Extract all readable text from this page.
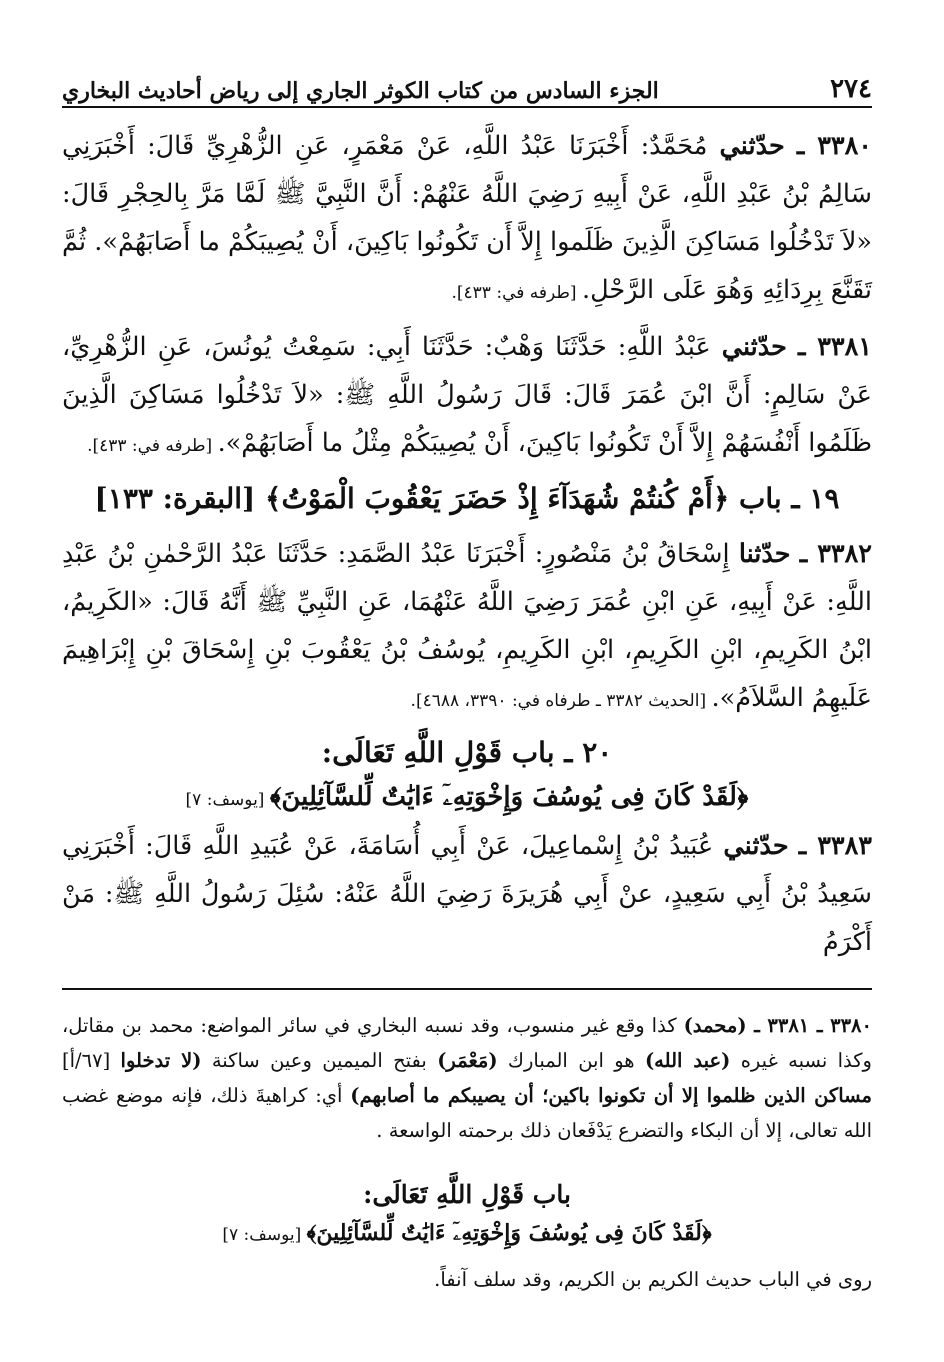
٢٧٤
الجزء السادس من كتاب الكوثر الجاري إلى رياض أحاديث البخاري

٣٣٨٠ ـ حدّثني مُحَمَّدٌ: أَخْبَرَنَا عَبْدُ اللَّهِ، عَنْ مَعْمَرٍ، عَنِ الزُّهْرِيِّ قَالَ: أَخْبَرَنِي سَالِمُ بْنُ عَبْدِ اللَّهِ، عَنْ أَبِيهِ رَضِيَ اللَّهُ عَنْهُمْ: أَنَّ النَّبِيَّ ﷺ لَمَّا مَرَّ بِالحِجْرِ قَالَ: «لاَ تَدْخُلُوا مَسَاكِنَ الَّذِينَ ظَلَموا إِلاَّ أَن تَكُونُوا بَاكِينَ، أَنْ يُصِيبَكُمْ ما أَصَابَهُمْ». ثُمَّ تَقَنَّعَ بِرِدَائِهِ وَهُوَ عَلَى الرَّحْلِ. [طرفه في: ٤٣٣].

٣٣٨١ ـ حدّثني عَبْدُ اللَّهِ: حَدَّثَنَا وَهْبٌ: حَدَّثَنَا أَبِي: سَمِعْتُ يُونُسَ، عَنِ الزُّهْرِيِّ، عَنْ سَالِمٍ: أَنَّ ابْنَ عُمَرَ قَالَ: قَالَ رَسُولُ اللَّهِ ﷺ: «لاَ تَدْخُلُوا مَسَاكِنَ الَّذِينَ ظَلَمُوا أَنْفُسَهُمْ إِلاَّ أَنْ تَكُونُوا بَاكِينَ، أَنْ يُصِيبَكُمْ مِثْلُ ما أَصَابَهُمْ». [طرفه في: ٤٣٣].

١٩ ـ باب ﴿أَمْ كُنتُمْ شُهَدَآءَ إِذْ حَضَرَ يَعْقُوبَ الْمَوْتُ﴾ [البقرة: ١٣٣]

٣٣٨٢ ـ حدّثنا إِسْحَاقُ بْنُ مَنْصُورٍ: أَخْبَرَنَا عَبْدُ الصَّمَدِ: حَدَّثَنَا عَبْدُ الرَّحْمٰنِ بْنُ عَبْدِ اللَّهِ: عَنْ أَبِيهِ، عَنِ ابْنِ عُمَرَ رَضِيَ اللَّهُ عَنْهُمَا، عَنِ النَّبِيِّ ﷺ أَنَّهُ قَالَ: «الكَرِيمُ، ابْنُ الكَرِيمِ، ابْنِ الكَرِيمِ، ابْنِ الكَرِيمِ، يُوسُفُ بْنُ يَعْقُوبَ بْنِ إِسْحَاقَ بْنِ إِبْرَاهِيمَ عَلَيهِمُ السَّلاَمُ». [الحديث ٣٣٨٢ ـ طرفاه في: ٣٣٩٠، ٤٦٨٨].

٢٠ ـ باب قَوْلِ اللَّهِ تَعَالَى:

﴿لَقَدْ كَانَ فِى يُوسُفَ وَإِخْوَتِهِۦٓ ءَايَٰتٌ لِّلسَّآئِلِينَ﴾ [يوسف: ٧]

٣٣٨٣ ـ حدّثني عُبَيدُ بْنُ إِسْماعِيلَ، عَنْ أَبِي أُسَامَةَ، عَنْ عُبَيدِ اللَّهِ قَالَ: أَخْبَرَنِي سَعِيدُ بْنُ أَبِي سَعِيدٍ، عنْ أَبِي هُرَيرَةَ رَضِيَ اللَّهُ عَنْهُ: سُئِلَ رَسُولُ اللَّهِ ﷺ: مَنْ أَكْرَمُ

٣٣٨٠ ـ ٣٣٨١ ـ (محمد) كذا وقع غير منسوب، وقد نسبه البخاري في سائر المواضع: محمد بن مقاتل، وكذا نسبه غيره (عبد الله) هو ابن المبارك (مَعْمَر) بفتح الميمين وعين ساكنة (لا تدخلوا [٦٧/أ] مساكن الذين ظلموا إلا أن تكونوا باكين؛ أن يصيبكم ما أصابهم) أي: كراهيةَ ذلك، فإنه موضع غضب الله تعالى، إلا أن البكاء والتضرع يَدْفَعان ذلك برحمته الواسعة .

باب قَوْلِ اللَّهِ تَعَالَى:

﴿لَقَدْ كَانَ فِى يُوسُفَ وَإِخْوَتِهِۦٓ ءَايَٰتٌ لِّلسَّآئِلِينَ﴾ [يوسف: ٧]

روى في الباب حديث الكريم بن الكريم، وقد سلف آنفاً.
